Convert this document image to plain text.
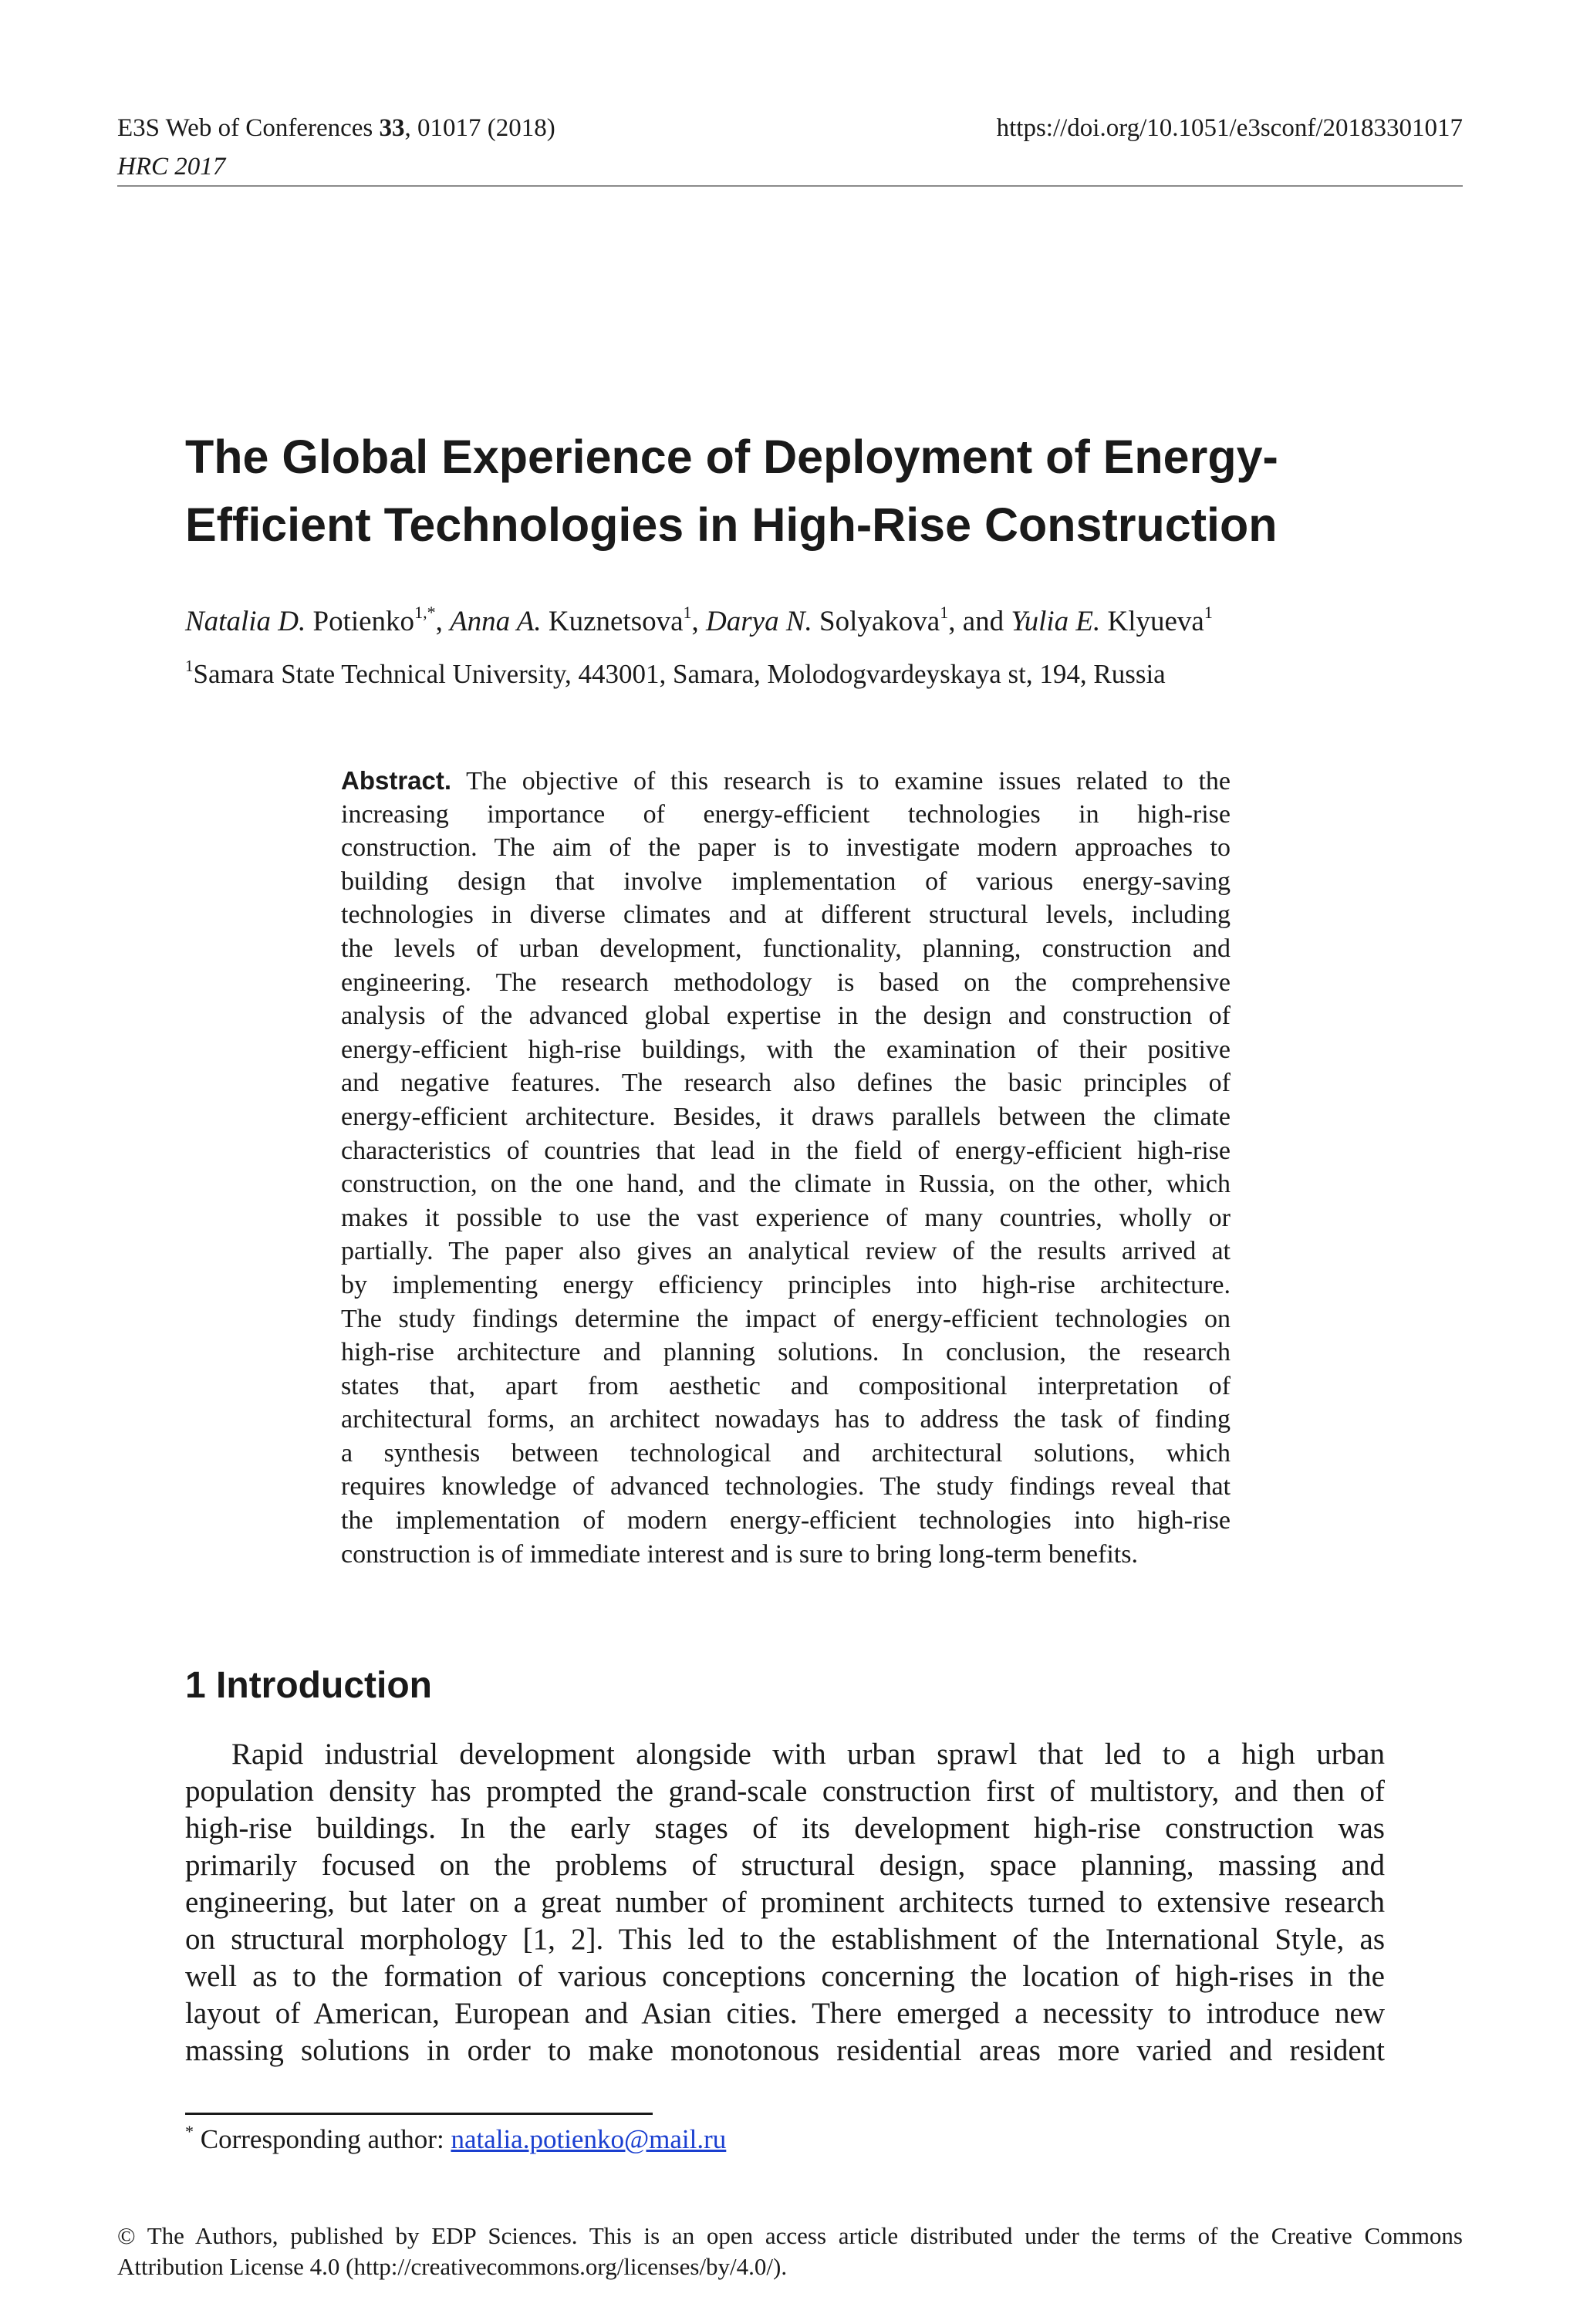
E3S Web of Conferences 33, 01017 (2018)	https://doi.org/10.1051/e3sconf/20183301017
HRC 2017
The Global Experience of Deployment of Energy-
Efficient Technologies in High-Rise Construction
Natalia D. Potienko$^{1,*}$, Anna A. Kuznetsova$^1$, Darya N. Solyakova$^1$, and Yulia E. Klyueva$^1$
$^1$Samara State Technical University, 443001, Samara, Molodogvardeyskaya st, 194, Russia
Abstract. The objective of this research is to examine issues related to the
increasing importance of energy-efficient technologies in high-rise
construction. The aim of the paper is to investigate modern approaches to
building design that involve implementation of various energy-saving
technologies in diverse climates and at different structural levels, including
the levels of urban development, functionality, planning, construction and
engineering. The research methodology is based on the comprehensive
analysis of the advanced global expertise in the design and construction of
energy-efficient high-rise buildings, with the examination of their positive
and negative features. The research also defines the basic principles of
energy-efficient architecture. Besides, it draws parallels between the climate
characteristics of countries that lead in the field of energy-efficient high-rise
construction, on the one hand, and the climate in Russia, on the other, which
makes it possible to use the vast experience of many countries, wholly or
partially. The paper also gives an analytical review of the results arrived at
by implementing energy efficiency principles into high-rise architecture.
The study findings determine the impact of energy-efficient technologies on
high-rise architecture and planning solutions. In conclusion, the research
states that, apart from aesthetic and compositional interpretation of
architectural forms, an architect nowadays has to address the task of finding
a synthesis between technological and architectural solutions, which
requires knowledge of advanced technologies. The study findings reveal that
the implementation of modern energy-efficient technologies into high-rise
construction is of immediate interest and is sure to bring long-term benefits.
1 Introduction
Rapid industrial development alongside with urban sprawl that led to a high urban
population density has prompted the grand-scale construction first of multistory, and then of
high-rise buildings. In the early stages of its development high-rise construction was
primarily focused on the problems of structural design, space planning, massing and
engineering, but later on a great number of prominent architects turned to extensive research
on structural morphology [1, 2]. This led to the establishment of the International Style, as
well as to the formation of various conceptions concerning the location of high-rises in the
layout of American, European and Asian cities. There emerged a necessity to introduce new
massing solutions in order to make monotonous residential areas more varied and resident
* Corresponding author: natalia.potienko@mail.ru
© The Authors, published by EDP Sciences. This is an open access article distributed under the terms of the Creative Commons
Attribution License 4.0 (http://creativecommons.org/licenses/by/4.0/).
